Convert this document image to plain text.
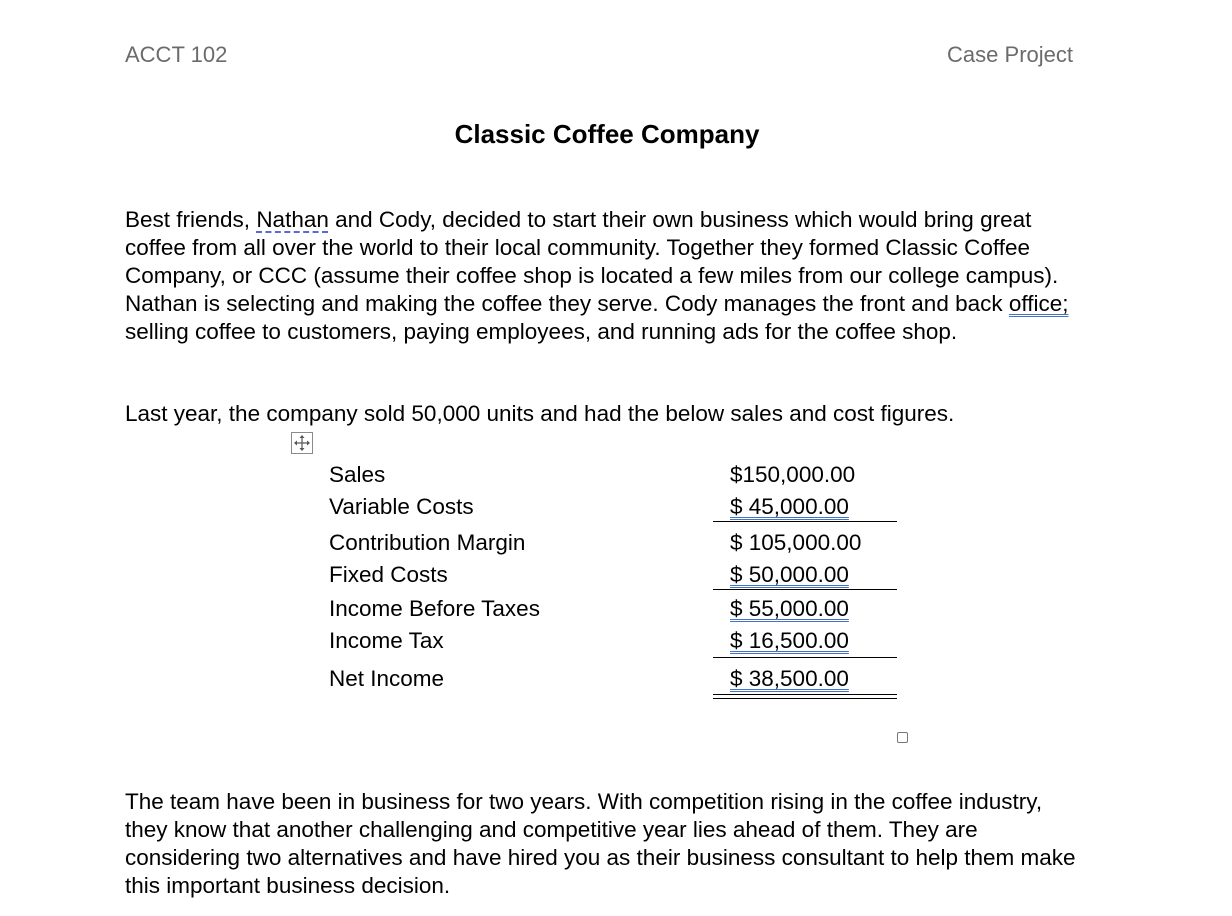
ACCT 102	Case Project
Classic Coffee Company

Best friends, Nathan and Cody, decided to start their own business which would bring great coffee from all over the world to their local community. Together they formed Classic Coffee Company, or CCC (assume their coffee shop is located a few miles from our college campus). Nathan is selecting and making the coffee they serve. Cody manages the front and back office; selling coffee to customers, paying employees, and running ads for the coffee shop.

Last year, the company sold 50,000 units and had the below sales and cost figures.

Sales	$150,000.00
Variable Costs	$ 45,000.00
Contribution Margin	$ 105,000.00
Fixed Costs	$ 50,000.00
Income Before Taxes	$ 55,000.00
Income Tax	$ 16,500.00
Net Income	$ 38,500.00

The team have been in business for two years. With competition rising in the coffee industry, they know that another challenging and competitive year lies ahead of them. They are considering two alternatives and have hired you as their business consultant to help them make this important business decision.
